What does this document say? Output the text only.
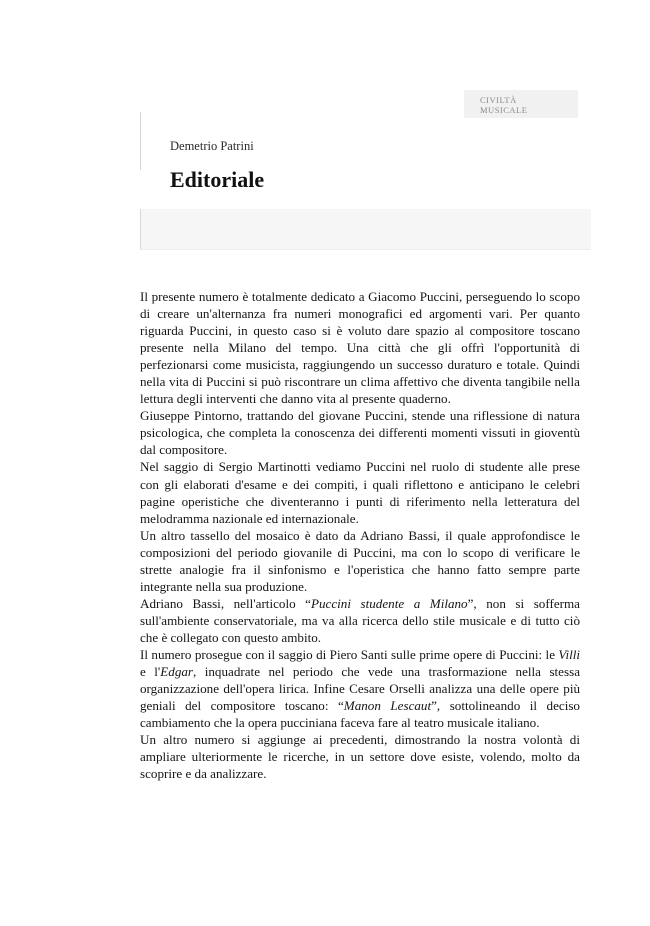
CIVILTÀ
MUSICALE
Demetrio Patrini
Editoriale

Il presente numero è totalmente dedicato a Giacomo Puccini, perseguendo lo scopo di creare un'alternanza fra numeri monografici ed argomenti vari. Per quanto riguarda Puccini, in questo caso si è voluto dare spazio al compositore toscano presente nella Milano del tempo. Una città che gli offrì l'opportunità di perfezionarsi come musicista, raggiungendo un successo duraturo e totale. Quindi nella vita di Puccini si può riscontrare un clima affettivo che diventa tangibile nella lettura degli interventi che danno vita al presente quaderno.

Giuseppe Pintorno, trattando del giovane Puccini, stende una riflessione di natura psicologica, che completa la conoscenza dei differenti momenti vissuti in gioventù dal compositore.

Nel saggio di Sergio Martinotti vediamo Puccini nel ruolo di studente alle prese con gli elaborati d'esame e dei compiti, i quali riflettono e anticipano le celebri pagine operistiche che diventeranno i punti di riferimento nella letteratura del melodramma nazionale ed internazionale.

Un altro tassello del mosaico è dato da Adriano Bassi, il quale approfondisce le composizioni del periodo giovanile di Puccini, ma con lo scopo di verificare le strette analogie fra il sinfonismo e l'operistica che hanno fatto sempre parte integrante nella sua produzione.

Adriano Bassi, nell'articolo “Puccini studente a Milano”, non si sofferma sull'ambiente conservatoriale, ma va alla ricerca dello stile musicale e di tutto ciò che è collegato con questo ambito.

Il numero prosegue con il saggio di Piero Santi sulle prime opere di Puccini: le Villi e l'Edgar, inquadrate nel periodo che vede una trasformazione nella stessa organizzazione dell'opera lirica. Infine Cesare Orselli analizza una delle opere più geniali del compositore toscano: “Manon Lescaut”, sottolineando il deciso cambiamento che la opera pucciniana faceva fare al teatro musicale italiano.

Un altro numero si aggiunge ai precedenti, dimostrando la nostra volontà di ampliare ulteriormente le ricerche, in un settore dove esiste, volendo, molto da scoprire e da analizzare.
